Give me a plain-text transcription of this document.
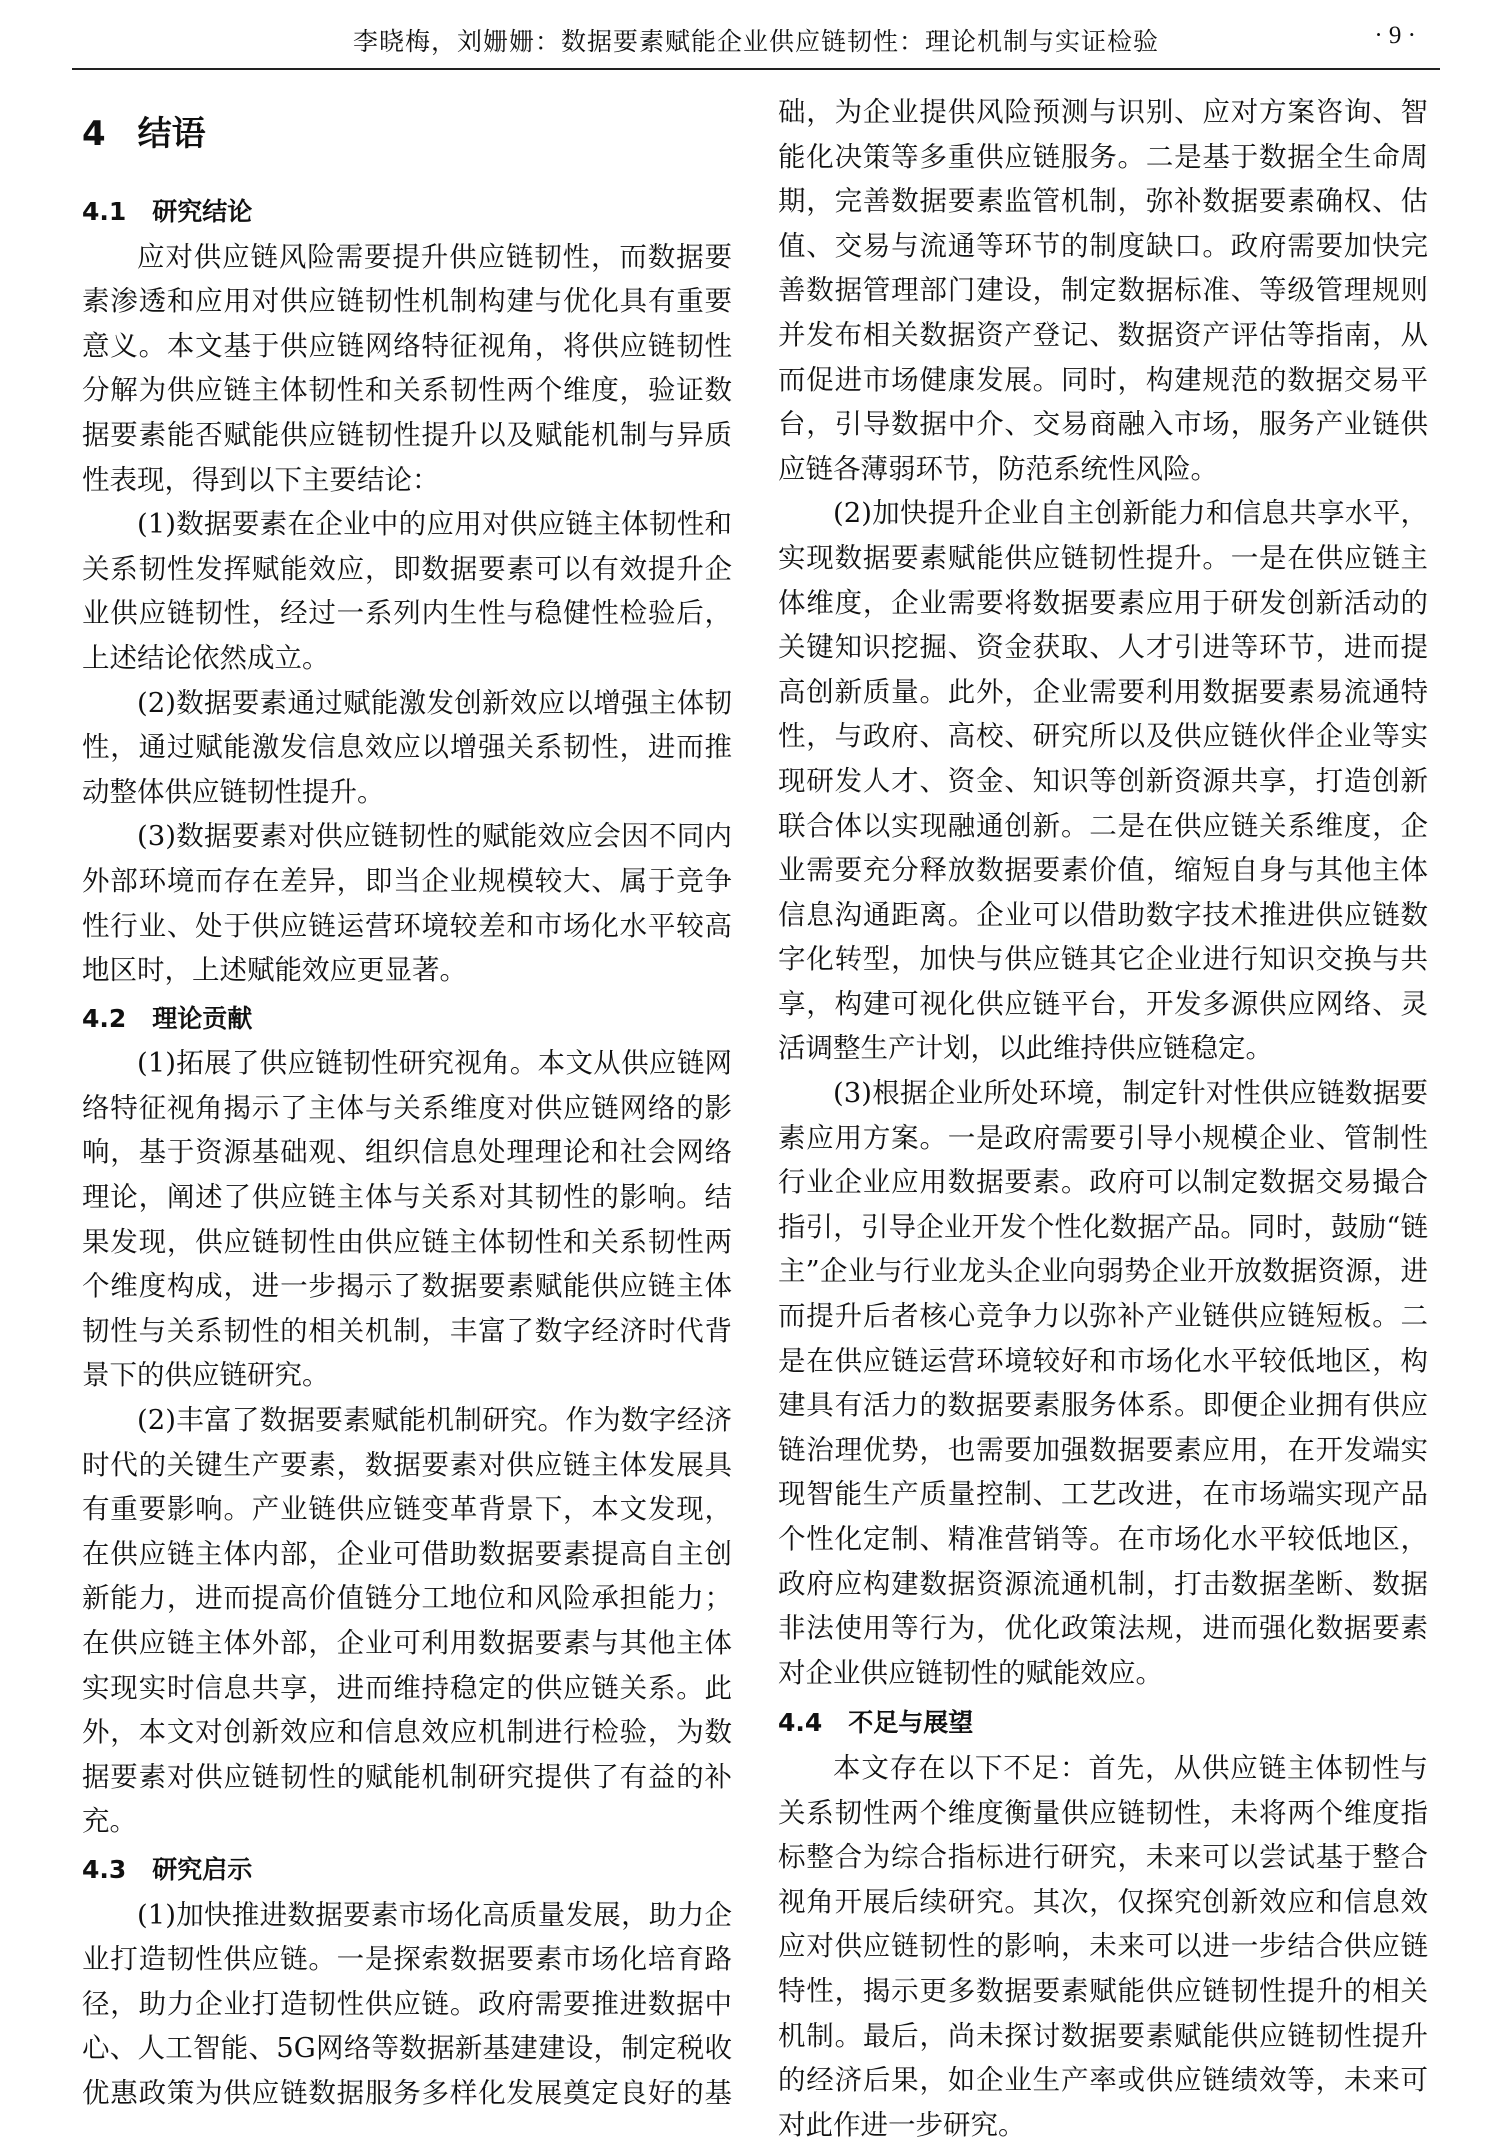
李晓梅，刘姗姗：数据要素赋能企业供应链韧性：理论机制与实证检验	· 9 ·
4 结语
4.1 研究结论

应对供应链风险需要提升供应链韧性，而数据要素渗透和应用对供应链韧性机制构建与优化具有重要意义。本文基于供应链网络特征视角，将供应链韧性分解为供应链主体韧性和关系韧性两个维度，验证数据要素能否赋能供应链韧性提升以及赋能机制与异质性表现，得到以下主要结论：

(1)数据要素在企业中的应用对供应链主体韧性和关系韧性发挥赋能效应，即数据要素可以有效提升企业供应链韧性，经过一系列内生性与稳健性检验后，上述结论依然成立。

(2)数据要素通过赋能激发创新效应以增强主体韧性，通过赋能激发信息效应以增强关系韧性，进而推动整体供应链韧性提升。

(3)数据要素对供应链韧性的赋能效应会因不同内外部环境而存在差异，即当企业规模较大、属于竞争性行业、处于供应链运营环境较差和市场化水平较高地区时，上述赋能效应更显著。

4.2 理论贡献

(1)拓展了供应链韧性研究视角。本文从供应链网络特征视角揭示了主体与关系维度对供应链网络的影响，基于资源基础观、组织信息处理理论和社会网络理论，阐述了供应链主体与关系对其韧性的影响。结果发现，供应链韧性由供应链主体韧性和关系韧性两个维度构成，进一步揭示了数据要素赋能供应链主体韧性与关系韧性的相关机制，丰富了数字经济时代背景下的供应链研究。

(2)丰富了数据要素赋能机制研究。作为数字经济时代的关键生产要素，数据要素对供应链主体发展具有重要影响。产业链供应链变革背景下，本文发现，在供应链主体内部，企业可借助数据要素提高自主创新能力，进而提高价值链分工地位和风险承担能力；在供应链主体外部，企业可利用数据要素与其他主体实现实时信息共享，进而维持稳定的供应链关系。此外，本文对创新效应和信息效应机制进行检验，为数据要素对供应链韧性的赋能机制研究提供了有益的补充。

4.3 研究启示

(1)加快推进数据要素市场化高质量发展，助力企业打造韧性供应链。一是探索数据要素市场化培育路径，助力企业打造韧性供应链。政府需要推进数据中心、人工智能、5G网络等数据新基建建设，制定税收优惠政策为供应链数据服务多样化发展奠定良好的基

础，为企业提供风险预测与识别、应对方案咨询、智能化决策等多重供应链服务。二是基于数据全生命周期，完善数据要素监管机制，弥补数据要素确权、估值、交易与流通等环节的制度缺口。政府需要加快完善数据管理部门建设，制定数据标准、等级管理规则并发布相关数据资产登记、数据资产评估等指南，从而促进市场健康发展。同时，构建规范的数据交易平台，引导数据中介、交易商融入市场，服务产业链供应链各薄弱环节，防范系统性风险。

(2)加快提升企业自主创新能力和信息共享水平，实现数据要素赋能供应链韧性提升。一是在供应链主体维度，企业需要将数据要素应用于研发创新活动的关键知识挖掘、资金获取、人才引进等环节，进而提高创新质量。此外，企业需要利用数据要素易流通特性，与政府、高校、研究所以及供应链伙伴企业等实现研发人才、资金、知识等创新资源共享，打造创新联合体以实现融通创新。二是在供应链关系维度，企业需要充分释放数据要素价值，缩短自身与其他主体信息沟通距离。企业可以借助数字技术推进供应链数字化转型，加快与供应链其它企业进行知识交换与共享，构建可视化供应链平台，开发多源供应网络、灵活调整生产计划，以此维持供应链稳定。

(3)根据企业所处环境，制定针对性供应链数据要素应用方案。一是政府需要引导小规模企业、管制性行业企业应用数据要素。政府可以制定数据交易撮合指引，引导企业开发个性化数据产品。同时，鼓励“链主”企业与行业龙头企业向弱势企业开放数据资源，进而提升后者核心竞争力以弥补产业链供应链短板。二是在供应链运营环境较好和市场化水平较低地区，构建具有活力的数据要素服务体系。即便企业拥有供应链治理优势，也需要加强数据要素应用，在开发端实现智能生产质量控制、工艺改进，在市场端实现产品个性化定制、精准营销等。在市场化水平较低地区，政府应构建数据资源流通机制，打击数据垄断、数据非法使用等行为，优化政策法规，进而强化数据要素对企业供应链韧性的赋能效应。

4.4 不足与展望

本文存在以下不足：首先，从供应链主体韧性与关系韧性两个维度衡量供应链韧性，未将两个维度指标整合为综合指标进行研究，未来可以尝试基于整合视角开展后续研究。其次，仅探究创新效应和信息效应对供应链韧性的影响，未来可以进一步结合供应链特性，揭示更多数据要素赋能供应链韧性提升的相关机制。最后，尚未探讨数据要素赋能供应链韧性提升的经济后果，如企业生产率或供应链绩效等，未来可对此作进一步研究。
